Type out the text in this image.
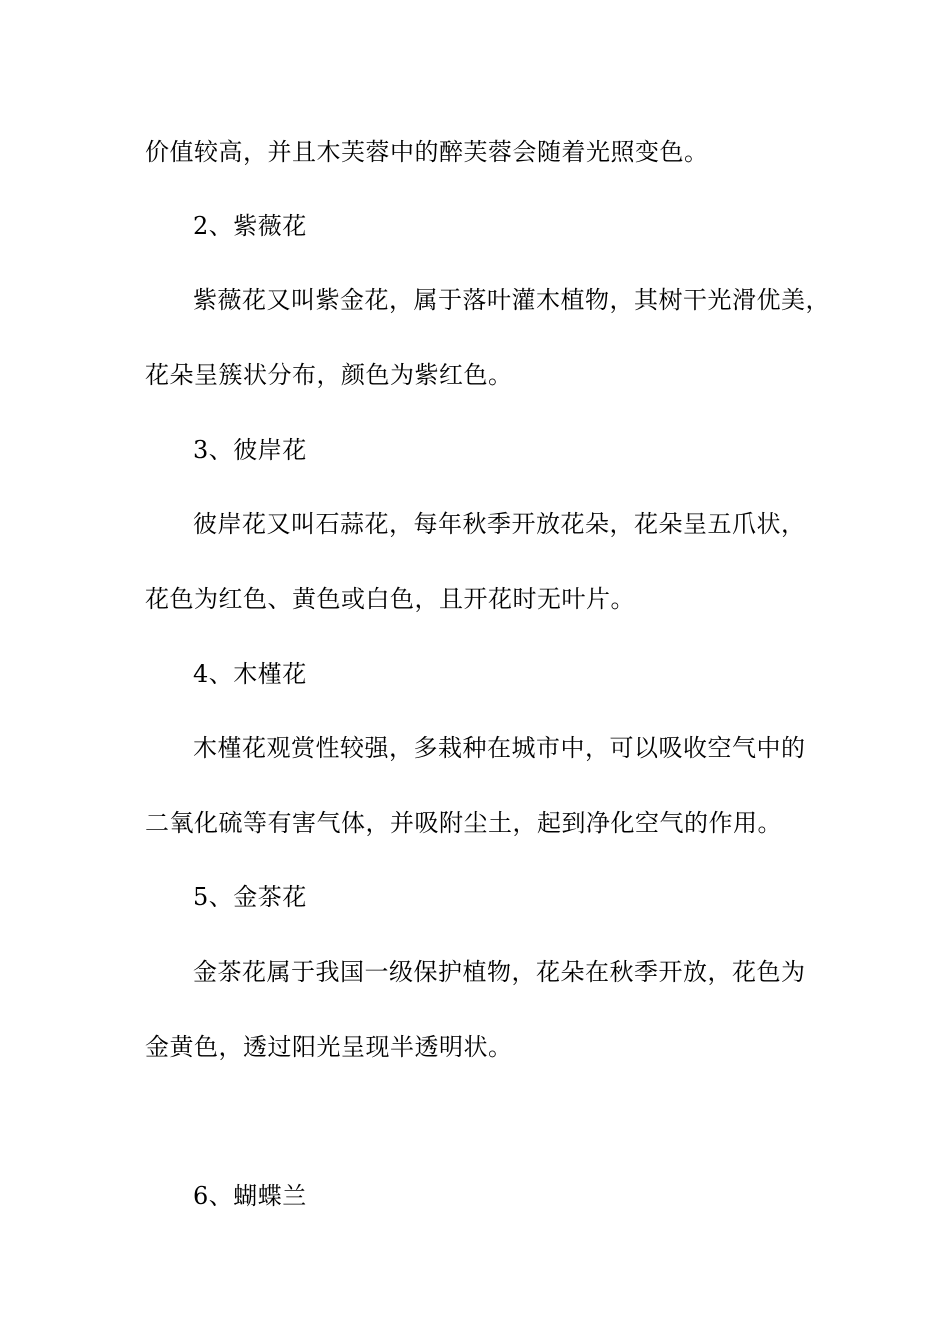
价值较高，并且木芙蓉中的醉芙蓉会随着光照变色。
2、紫薇花
紫薇花又叫紫金花，属于落叶灌木植物，其树干光滑优美，
花朵呈簇状分布，颜色为紫红色。
3、彼岸花
彼岸花又叫石蒜花，每年秋季开放花朵，花朵呈五爪状，
花色为红色、黄色或白色，且开花时无叶片。
4、木槿花
木槿花观赏性较强，多栽种在城市中，可以吸收空气中的
二氧化硫等有害气体，并吸附尘土，起到净化空气的作用。
5、金茶花
金茶花属于我国一级保护植物，花朵在秋季开放，花色为
金黄色，透过阳光呈现半透明状。
6、蝴蝶兰
